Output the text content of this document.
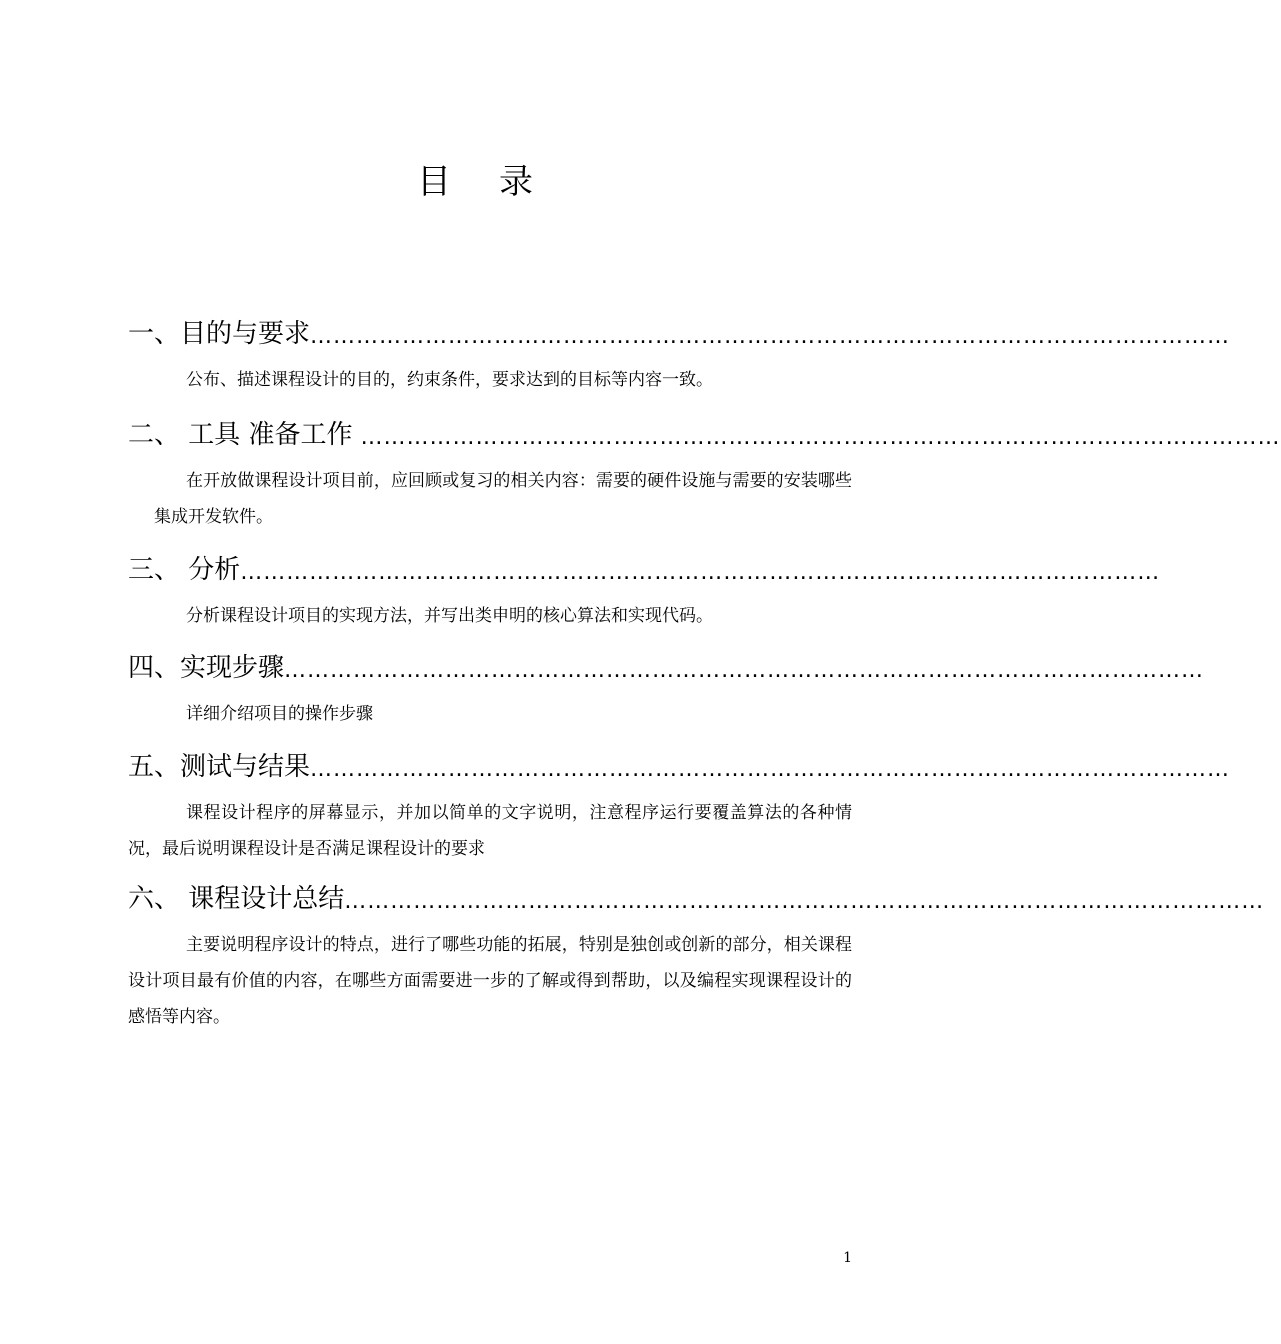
目录
一、目的与要求 …………………………………………………………………………………………………………

公布、描述课程设计的目的，约束条件，要求达到的目标等内容一致。

二、 工具 准备工作 …………………………………………………………………………………………………………

在开放做课程设计项目前，应回顾或复习的相关内容：需要的硬件设施与需要的安装哪些集成开发软件。

三、 分析 …………………………………………………………………………………………………………

分析课程设计项目的实现方法，并写出类申明的核心算法和实现代码。

四、实现步骤 …………………………………………………………………………………………………………

详细介绍项目的操作步骤

五、测试与结果 …………………………………………………………………………………………………………

课程设计程序的屏幕显示，并加以简单的文字说明，注意程序运行要覆盖算法的各种情况，最后说明课程设计是否满足课程设计的要求

六、 课程设计总结 …………………………………………………………………………………………………………

主要说明程序设计的特点，进行了哪些功能的拓展，特别是独创或创新的部分，相关课程设计项目最有价值的内容，在哪些方面需要进一步的了解或得到帮助，以及编程实现课程设计的感悟等内容。

1
